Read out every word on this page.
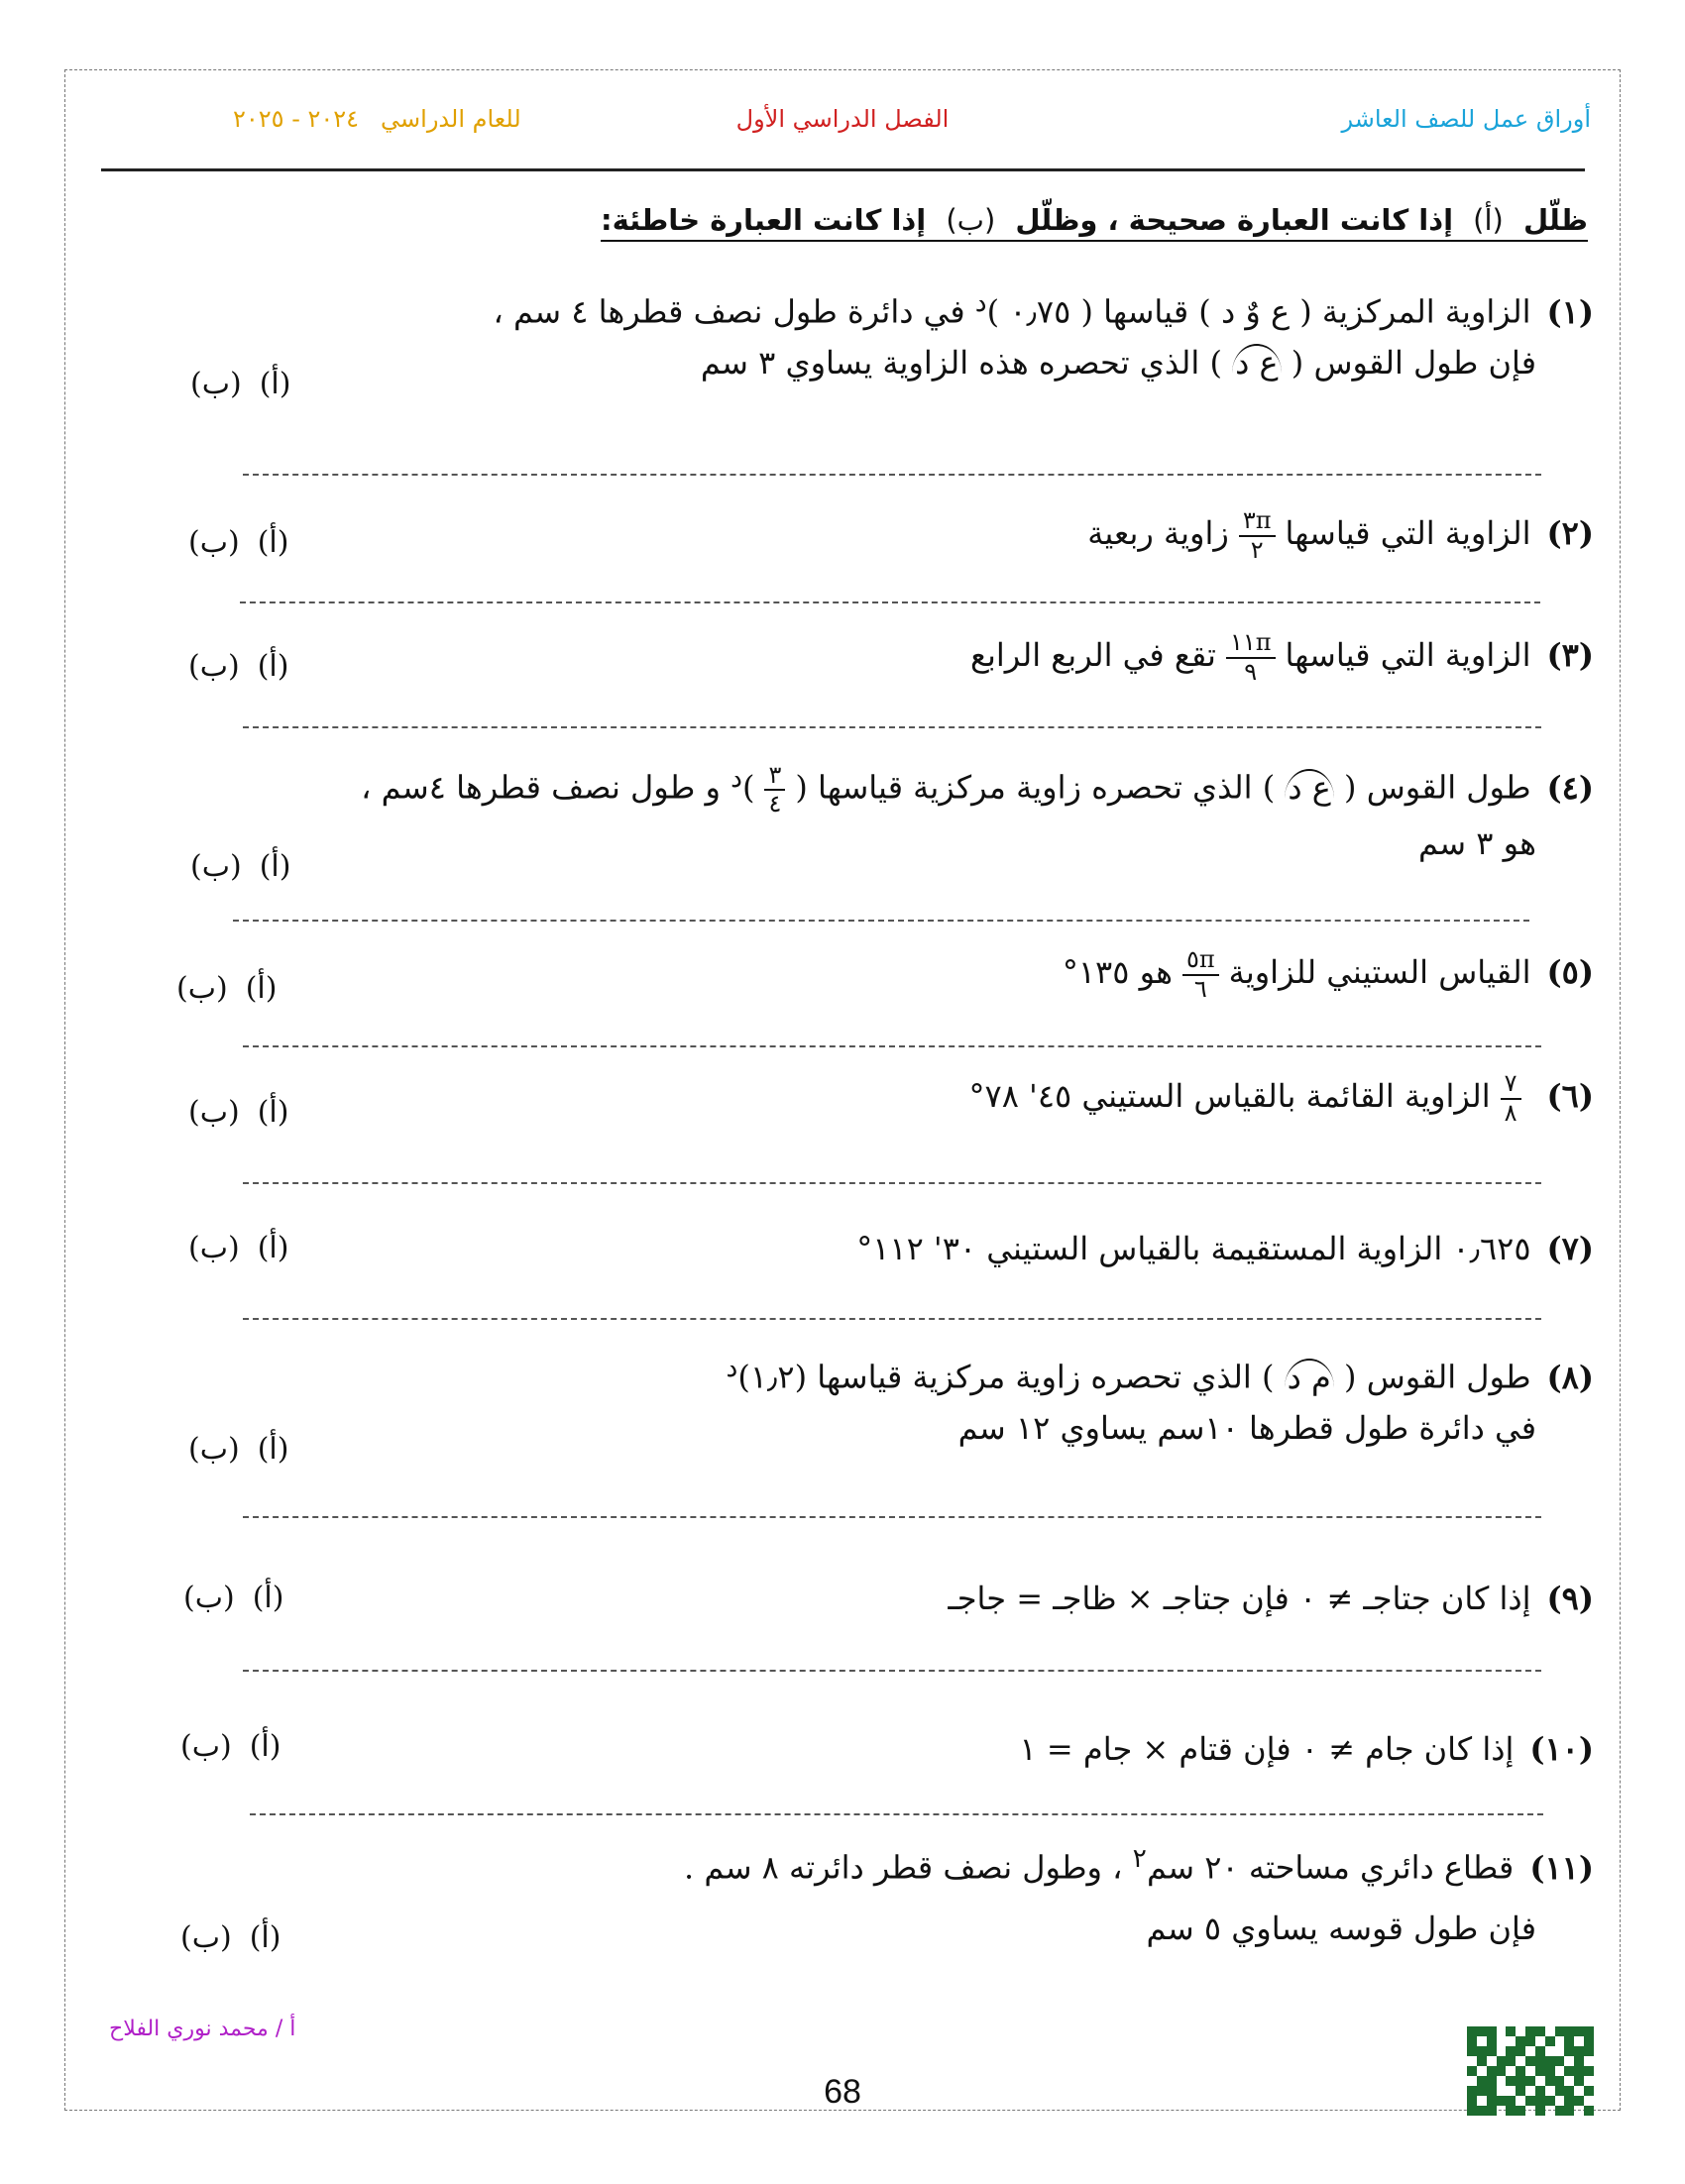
أوراق عمل للصف العاشر
الفصل الدراسي الأول
للعام الدراسي٢٠٢٤ - ٢٠٢٥
ظلّل (أ) إذا كانت العبارة صحيحة ، وظلّل (ب) إذا كانت العبارة خاطئة:
(١)الزاوية المركزية ( ع وٌ د ) قياسها ( ٠٫٧٥ )$^د$ في دائرة طول نصف قطرها ٤ سم ،
فإن طول القوس ( ع د ) الذي تحصره هذه الزاوية يساوي ٣ سم
(ب) (أ)
(٢)الزاوية التي قياسها
$\frac{٣\pi}{٢}$
زاوية ربعية
(ب) (أ)
(٣)الزاوية التي قياسها
$\frac{١١\pi}{٩}$
تقع في الربع الرابع
(ب) (أ)
(٤)طول القوس ( ع د ) الذي تحصره زاوية مركزية قياسها (
$\frac{٣}{٤}$
)$^د$ و طول نصف قطرها ٤سم ،
هو ٣ سم
(ب) (أ)
(٥)القياس الستيني للزاوية
$\frac{٥\pi}{٦}$
هو ١٣٥°
(ب) (أ)
(٦)
$\frac{٧}{٨}$
الزاوية القائمة بالقياس الستيني ٤٥' ٧٨°
(ب) (أ)
(٧)٠٫٦٢٥ الزاوية المستقيمة بالقياس الستيني ٣٠' ١١٢°
(ب) (أ)
(٨)طول القوس ( م د ) الذي تحصره زاوية مركزية قياسها (١٫٢)$^د$
في دائرة طول قطرها ١٠سم يساوي ١٢ سم
(ب) (أ)
(٩)إذا كان جتاجـ ≠ ٠ فإن جتاجـ × ظاجـ = جاجـ
(ب) (أ)
(١٠)إذا كان جام ≠ ٠ فإن قتام × جام = ١
(ب) (أ)
(١١)قطاع دائري مساحته ٢٠ سم$^٢$ ، وطول نصف قطر دائرته ٨ سم .
فإن طول قوسه يساوي ٥ سم
(ب) (أ)
أ / محمد نوري الفلاح
68
